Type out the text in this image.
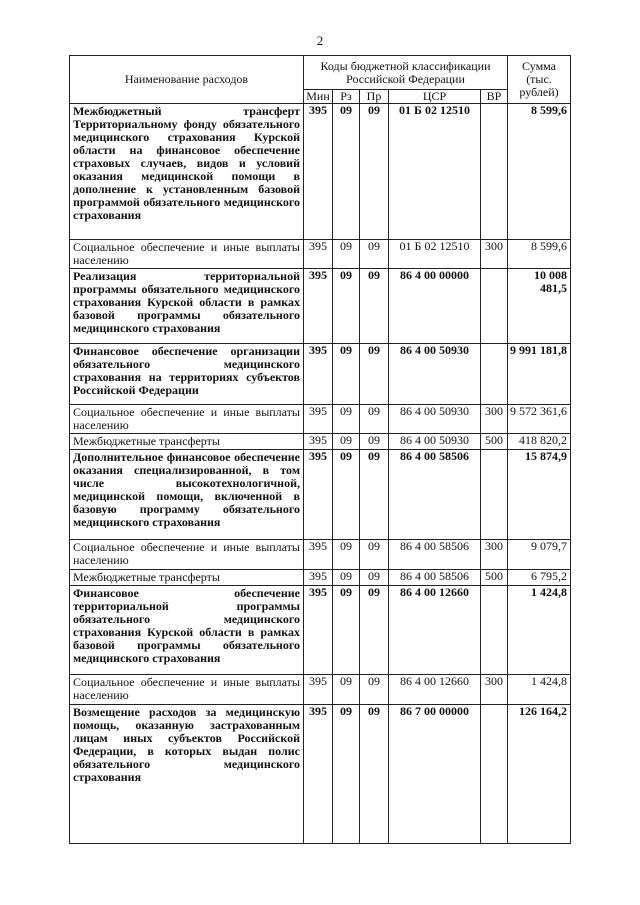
2
Наименование расходов	Коды бюджетной классификации Российской Федерации					Сумма (тыс. рублей)
	Мин	Рз	Пр	ЦСР	ВР	
Межбюджетный трансферт Территориальному фонду обязательного медицинского страхования Курской области на финансовое обеспечение страховых случаев, видов и условий оказания медицинской помощи в дополнение к установленным базовой программой обязательного медицинского страхования	395	09	09	01 Б 02 12510		8 599,6
Социальное обеспечение и иные выплаты населению	395	09	09	01 Б 02 12510	300	8 599,6
Реализация территориальной программы обязательного медицинского страхования Курской области в рамках базовой программы обязательного медицинского страхования	395	09	09	86 4 00 00000		10 008 481,5
Финансовое обеспечение организации обязательного медицинского страхования на территориях субъектов Российской Федерации	395	09	09	86 4 00 50930		9 991 181,8
Социальное обеспечение и иные выплаты населению	395	09	09	86 4 00 50930	300	9 572 361,6
Межбюджетные трансферты	395	09	09	86 4 00 50930	500	418 820,2
Дополнительное финансовое обеспечение оказания специализированной, в том числе высокотехнологичной, медицинской помощи, включенной в базовую программу обязательного медицинского страхования	395	09	09	86 4 00 58506		15 874,9
Социальное обеспечение и иные выплаты населению	395	09	09	86 4 00 58506	300	9 079,7
Межбюджетные трансферты	395	09	09	86 4 00 58506	500	6 795,2
Финансовое обеспечение территориальной программы обязательного медицинского страхования Курской области в рамках базовой программы обязательного медицинского страхования	395	09	09	86 4 00 12660		1 424,8
Социальное обеспечение и иные выплаты населению	395	09	09	86 4 00 12660	300	1 424,8
Возмещение расходов за медицинскую помощь, оказанную застрахованным лицам иных субъектов Российской Федерации, в которых выдан полис обязательного медицинского страхования	395	09	09	86 7 00 00000		126 164,2
